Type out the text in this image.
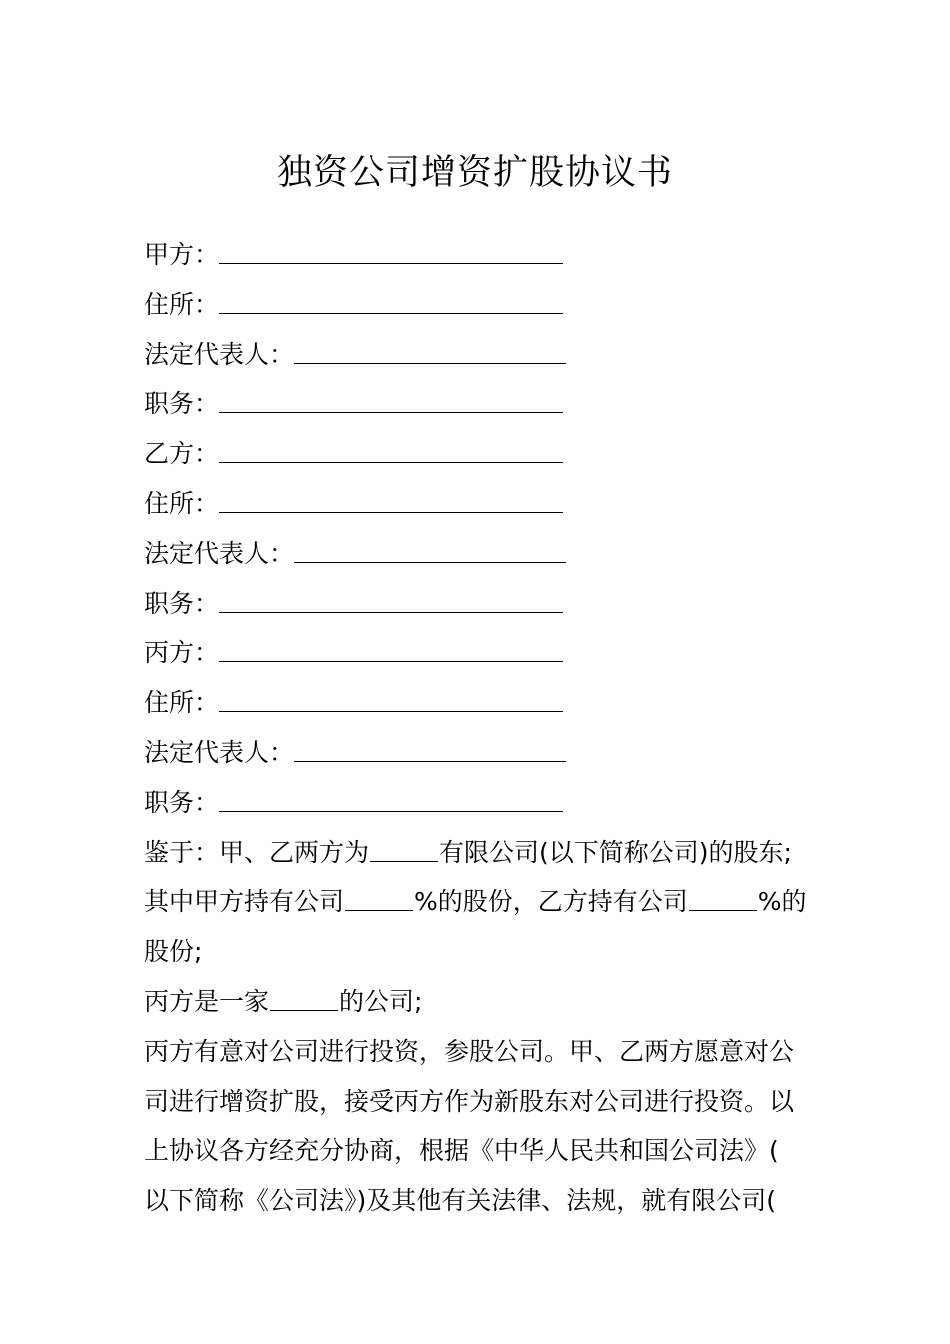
独资公司增资扩股协议书
甲方：
住所：
法定代表人：
职务：
乙方：
住所：
法定代表人：
职务：
丙方：
住所：
法定代表人：
职务：
鉴于：甲、乙两方为	有限公司(以下简称公司)的股东;
其中甲方持有公司	%的股份，乙方持有公司	%的
股份;
丙方是一家	的公司;
丙方有意对公司进行投资，参股公司。甲、乙两方愿意对公
司进行增资扩股，接受丙方作为新股东对公司进行投资。以
上协议各方经充分协商，根据《中华人民共和国公司法》(
以下简称《公司法》)及其他有关法律、法规，就有限公司(
